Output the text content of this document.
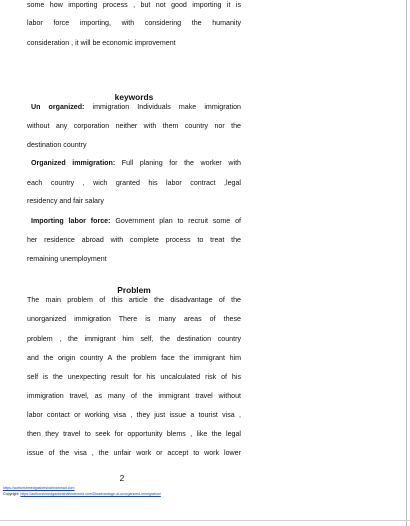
some how importing process , but not good importing it is
labor force importing, with considering the humanity
consideration , it will be economic improvement
keywords
Un organized: immigration Individuals make immigration
without any corporation neither with them country nor the
destination country
Organized immigration: Full planing for the worker with
each country , wich granted his labor contract ,legal
residency and fair salary
Importing labor force: Government plan to recruit some of
her residence abroad with complete process to treat the
remaining unemployment
Problem
The main problem of this article the disadvantage of the
unorganized immigration There is many areas of these
problem , the immigrant him self, the destination country
and the origin country A the problem face the immigrant him
self is the unexpecting result for his uncalculated risk of his
immigration travel, as many of the immigrant travel without
labor contact or working visa , they just issue a tourist visa ,
then they travel to seek for opportunity blems , like the legal
issue of the visa , the unfair work or accept to work lower
2
https://authorshmedgasbelshalimahmad.com
Copyright: https://authorshmedgasbelshalimahmed.com/Disadvantage-of-unorganized-immigration/
